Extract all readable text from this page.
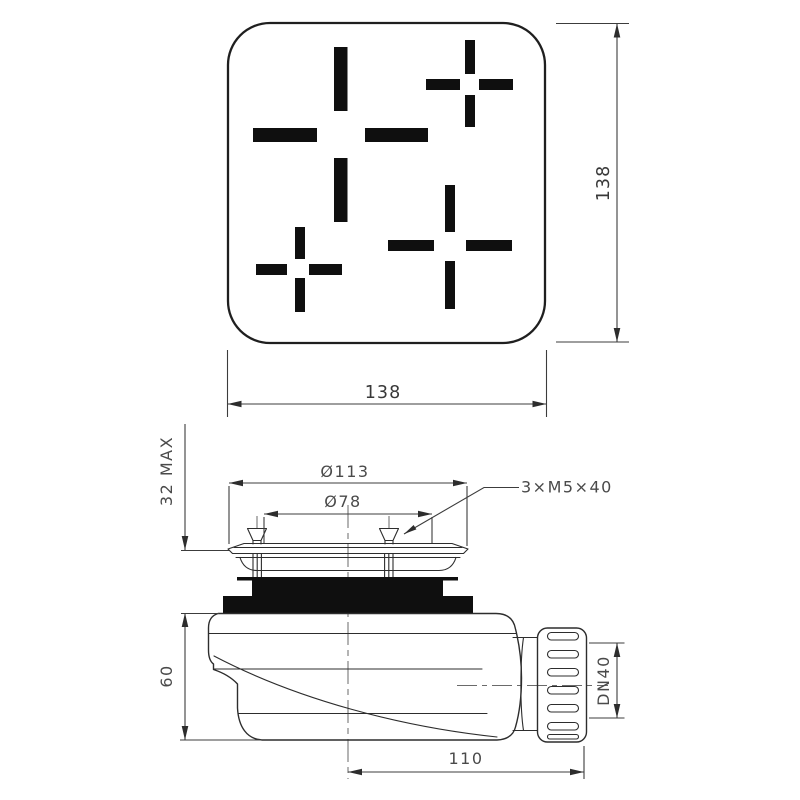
138
138
32 MAX	Ø113
Ø78
3×M5×40
60
110
DN40
